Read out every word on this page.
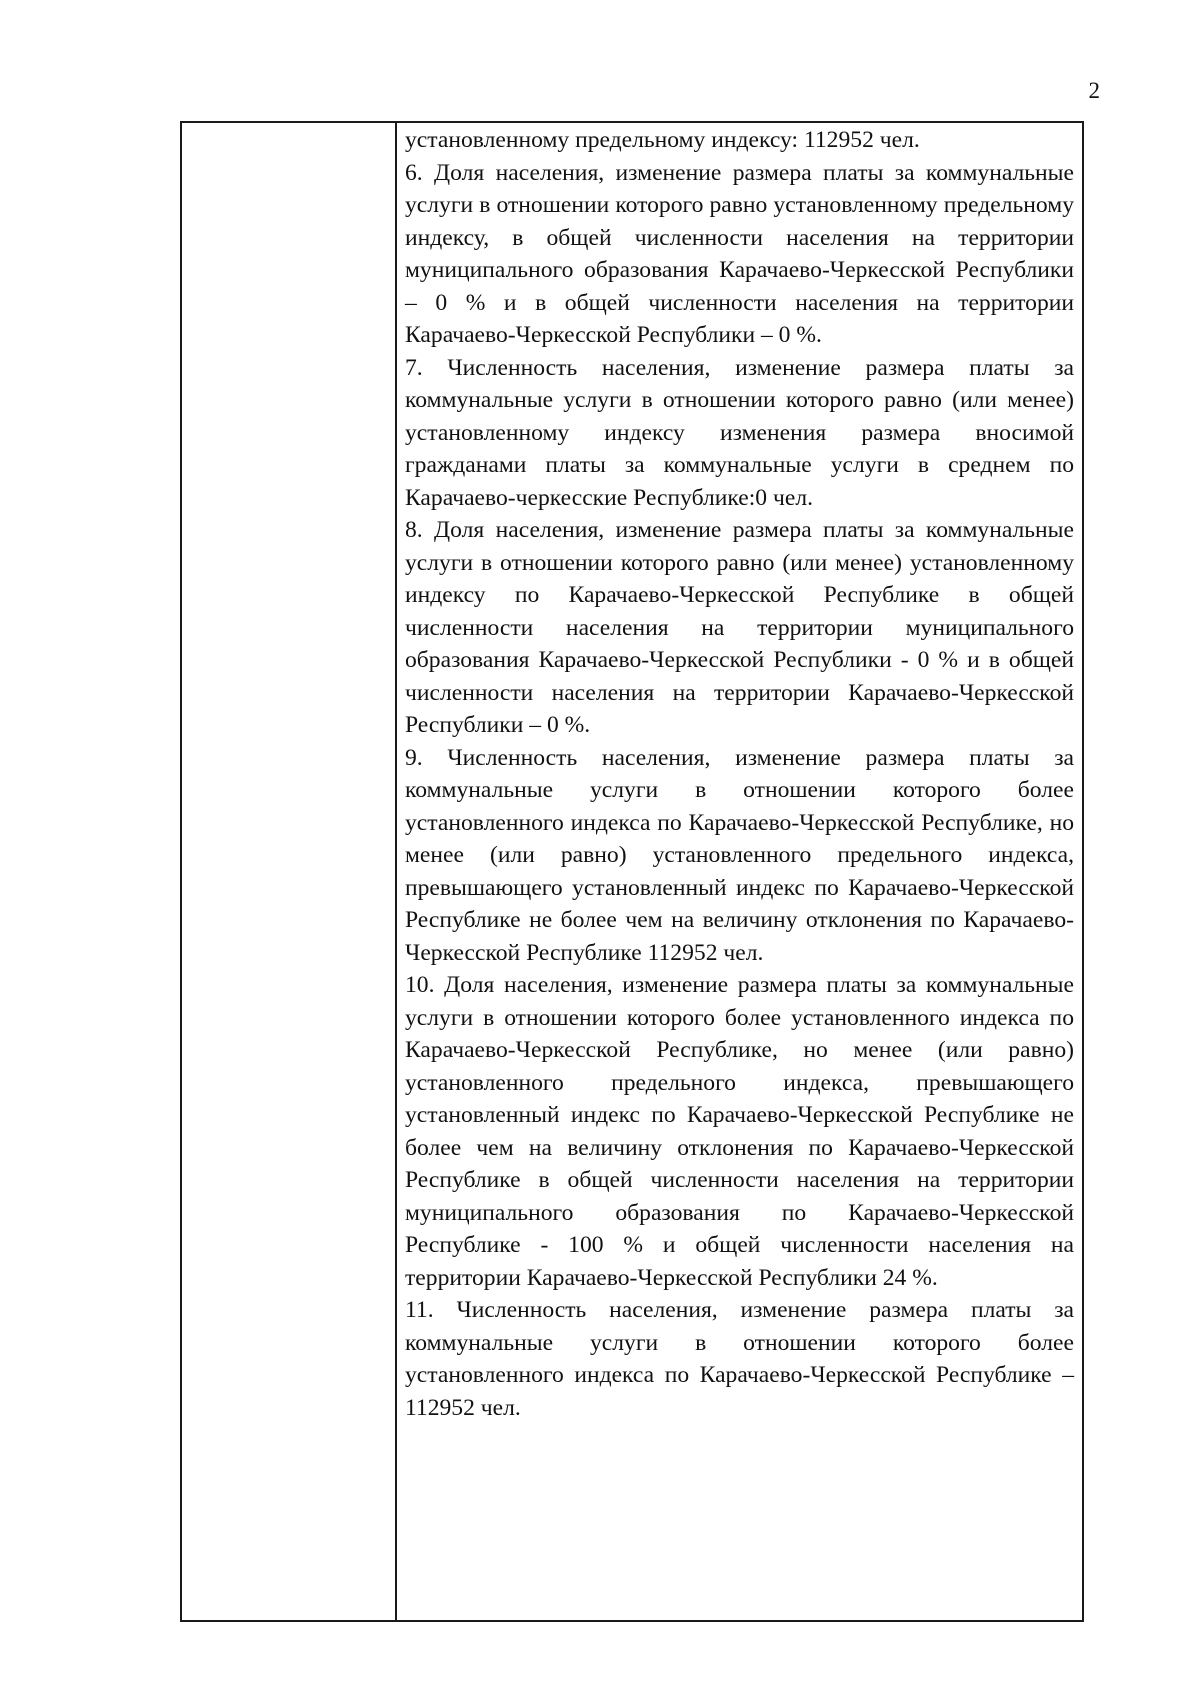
2

установленному предельному индексу: 112952 чел.

6. Доля населения, изменение размера платы за коммунальные услуги в отношении которого равно установленному предельному индексу, в общей численности населения на территории муниципального образования Карачаево-Черкесской Республики – 0 % и в общей численности населения на территории Карачаево-Черкесской Республики – 0 %.

7. Численность населения, изменение размера платы за коммунальные услуги в отношении которого равно (или менее) установленному индексу изменения размера вносимой гражданами платы за коммунальные услуги в среднем по Карачаево-черкесские Республике:0 чел.

8. Доля населения, изменение размера платы за коммунальные услуги в отношении которого равно (или менее) установленному индексу по Карачаево-Черкесской Республике в общей численности населения на территории муниципального образования Карачаево-Черкесской Республики - 0 % и в общей численности населения на территории Карачаево-Черкесской Республики – 0 %.

9. Численность населения, изменение размера платы за коммунальные услуги в отношении которого более установленного индекса по Карачаево-Черкесской Республике, но менее (или равно) установленного предельного индекса, превышающего установленный индекс по Карачаево-Черкесской Республике не более чем на величину отклонения по Карачаево-Черкесской Республике 112952 чел.

10. Доля населения, изменение размера платы за коммунальные услуги в отношении которого более установленного индекса по Карачаево-Черкесской Республике, но менее (или равно) установленного предельного индекса, превышающего установленный индекс по Карачаево-Черкесской Республике не более чем на величину отклонения по Карачаево-Черкесской Республике в общей численности населения на территории муниципального образования по Карачаево-Черкесской Республике - 100 % и общей численности населения на территории Карачаево-Черкесской Республики 24 %.

11. Численность населения, изменение размера платы за коммунальные услуги в отношении которого более установленного индекса по Карачаево-Черкесской Республике – 112952 чел.
